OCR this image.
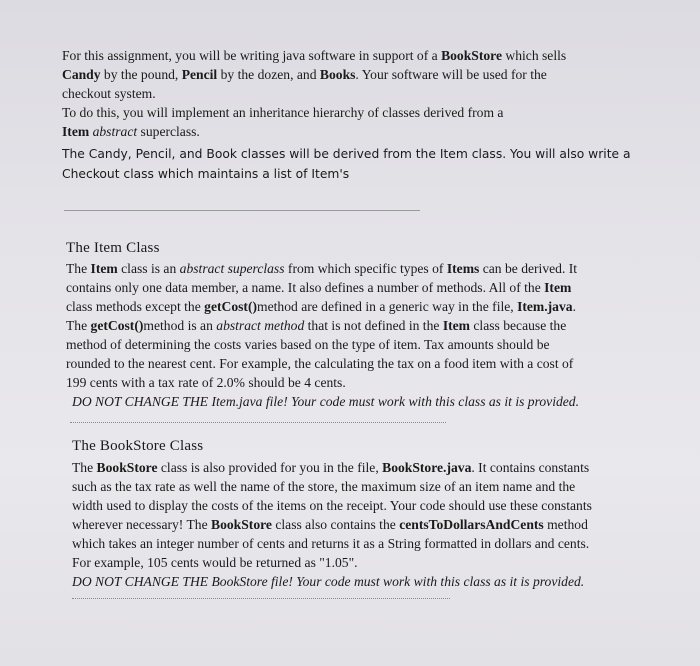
For this assignment, you will be writing java software in support of a BookStore which sells

Candy by the pound, Pencil by the dozen, and Books. Your software will be used for the

checkout system.

To do this, you will implement an inheritance hierarchy of classes derived from a

Item abstract superclass.

The Candy, Pencil, and Book classes will be derived from the Item class. You will also write a

Checkout class which maintains a list of Item's

The Item Class

The Item class is an abstract superclass from which specific types of Items can be derived. It

contains only one data member, a name. It also defines a number of methods. All of the Item

class methods except the getCost()method are defined in a generic way in the file, Item.java.

The getCost()method is an abstract method that is not defined in the Item class because the

method of determining the costs varies based on the type of item. Tax amounts should be

rounded to the nearest cent. For example, the calculating the tax on a food item with a cost of

199 cents with a tax rate of 2.0% should be 4 cents.

DO NOT CHANGE THE Item.java file! Your code must work with this class as it is provided.

The BookStore Class

The BookStore class is also provided for you in the file, BookStore.java. It contains constants

such as the tax rate as well the name of the store, the maximum size of an item name and the

width used to display the costs of the items on the receipt. Your code should use these constants

wherever necessary! The BookStore class also contains the centsToDollarsAndCents method

which takes an integer number of cents and returns it as a String formatted in dollars and cents.

For example, 105 cents would be returned as "1.05".

DO NOT CHANGE THE BookStore file! Your code must work with this class as it is provided.
